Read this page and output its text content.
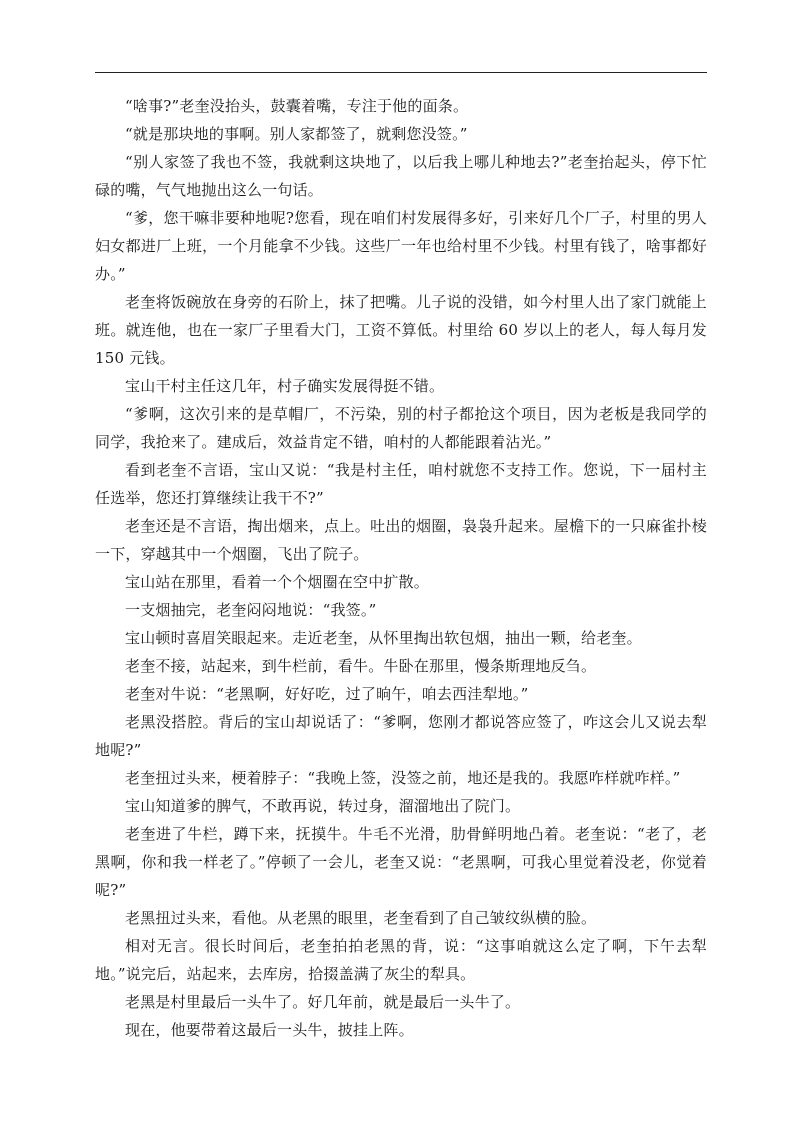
“啥事?”老奎没抬头，鼓囊着嘴，专注于他的面条。

“就是那块地的事啊。别人家都签了，就剩您没签。”

“别人家签了我也不签，我就剩这块地了，以后我上哪儿种地去?”老奎抬起头，停下忙碌的嘴，气气地抛出这么一句话。

“爹，您干嘛非要种地呢?您看，现在咱们村发展得多好，引来好几个厂子，村里的男人妇女都进厂上班，一个月能拿不少钱。这些厂一年也给村里不少钱。村里有钱了，啥事都好办。”

老奎将饭碗放在身旁的石阶上，抹了把嘴。儿子说的没错，如今村里人出了家门就能上班。就连他，也在一家厂子里看大门，工资不算低。村里给 60 岁以上的老人，每人每月发 150 元钱。

宝山干村主任这几年，村子确实发展得挺不错。

“爹啊，这次引来的是草帽厂，不污染，别的村子都抢这个项目，因为老板是我同学的同学，我抢来了。建成后，效益肯定不错，咱村的人都能跟着沾光。”

看到老奎不言语，宝山又说：“我是村主任，咱村就您不支持工作。您说，下一届村主任选举，您还打算继续让我干不?”

老奎还是不言语，掏出烟来，点上。吐出的烟圈，袅袅升起来。屋檐下的一只麻雀扑棱一下，穿越其中一个烟圈，飞出了院子。

宝山站在那里，看着一个个烟圈在空中扩散。

一支烟抽完，老奎闷闷地说：“我签。”

宝山顿时喜眉笑眼起来。走近老奎，从怀里掏出软包烟，抽出一颗，给老奎。

老奎不接，站起来，到牛栏前，看牛。牛卧在那里，慢条斯理地反刍。

老奎对牛说：“老黑啊，好好吃，过了晌午，咱去西洼犁地。”

老黑没搭腔。背后的宝山却说话了：“爹啊，您刚才都说答应签了，咋这会儿又说去犁地呢?”

老奎扭过头来，梗着脖子：“我晚上签，没签之前，地还是我的。我愿咋样就咋样。”

宝山知道爹的脾气，不敢再说，转过身，溜溜地出了院门。

老奎进了牛栏，蹲下来，抚摸牛。牛毛不光滑，肋骨鲜明地凸着。老奎说：“老了，老黑啊，你和我一样老了。”停顿了一会儿，老奎又说：“老黑啊，可我心里觉着没老，你觉着呢?”

老黑扭过头来，看他。从老黑的眼里，老奎看到了自己皱纹纵横的脸。

相对无言。很长时间后，老奎拍拍老黑的背，说：“这事咱就这么定了啊，下午去犁地。”说完后，站起来，去库房，拾掇盖满了灰尘的犁具。

老黑是村里最后一头牛了。好几年前，就是最后一头牛了。

现在，他要带着这最后一头牛，披挂上阵。
